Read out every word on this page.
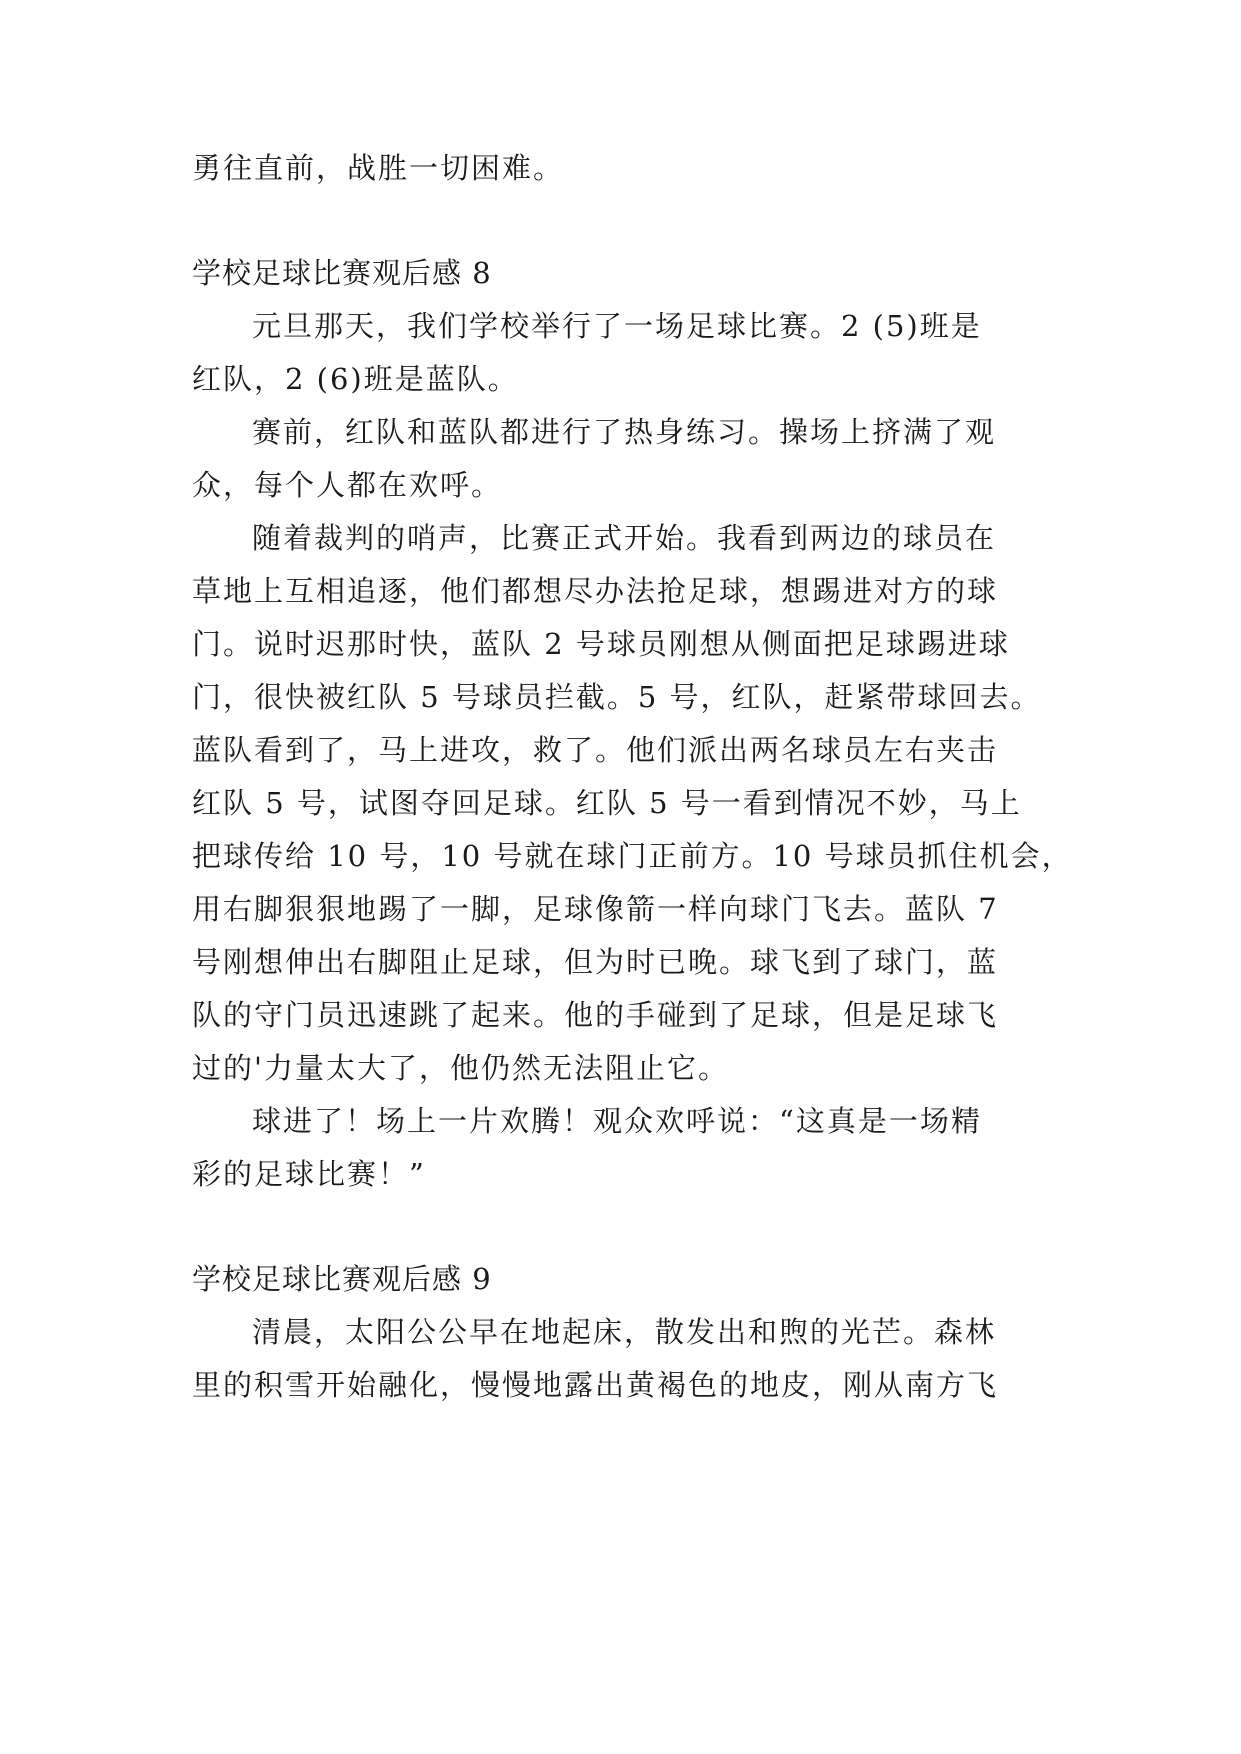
勇往直前，战胜一切困难。
学校足球比赛观后感 8
元旦那天，我们学校举行了一场足球比赛。2 (5)班是
红队，2 (6)班是蓝队。
赛前，红队和蓝队都进行了热身练习。操场上挤满了观
众，每个人都在欢呼。
随着裁判的哨声，比赛正式开始。我看到两边的球员在
草地上互相追逐，他们都想尽办法抢足球，想踢进对方的球
门。说时迟那时快，蓝队 2 号球员刚想从侧面把足球踢进球
门，很快被红队 5 号球员拦截。5 号，红队，赶紧带球回去。
蓝队看到了，马上进攻，救了。他们派出两名球员左右夹击
红队 5 号，试图夺回足球。红队 5 号一看到情况不妙，马上
把球传给 10 号，10 号就在球门正前方。10 号球员抓住机会，
用右脚狠狠地踢了一脚，足球像箭一样向球门飞去。蓝队 7
号刚想伸出右脚阻止足球，但为时已晚。球飞到了球门，蓝
队的守门员迅速跳了起来。他的手碰到了足球，但是足球飞
过的'力量太大了，他仍然无法阻止它。
球进了！场上一片欢腾！观众欢呼说：“这真是一场精
彩的足球比赛！”
学校足球比赛观后感 9
清晨，太阳公公早在地起床，散发出和煦的光芒。森林
里的积雪开始融化，慢慢地露出黄褐色的地皮，刚从南方飞
